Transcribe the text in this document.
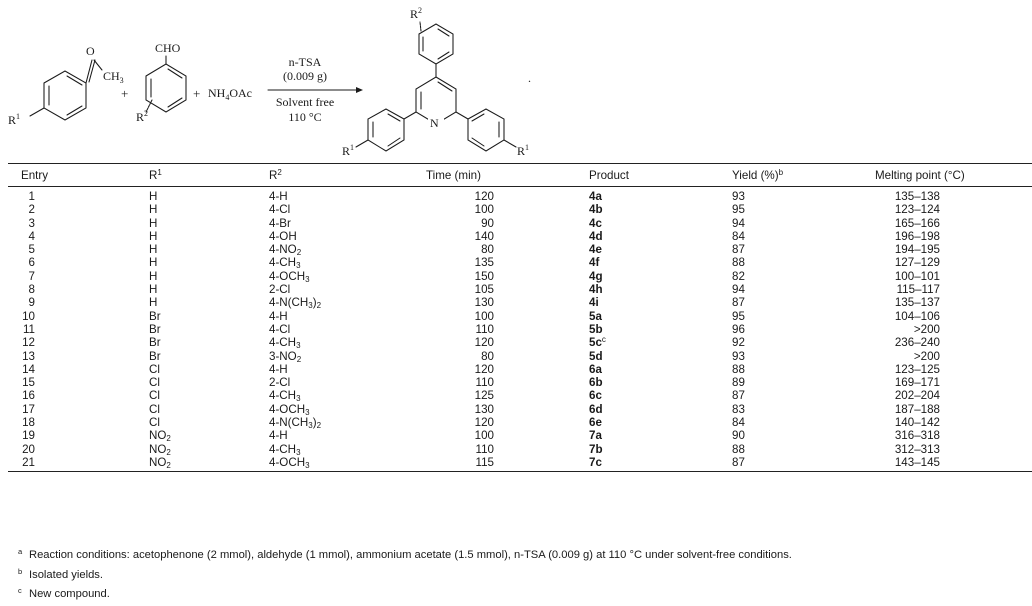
O
$CH_3$
$R^1$
+
CHO
$R^2$
+ $NH_4OAc$
n-TSA
(0.009 g)
Solvent free
110 °C
$R^2$
N
$R^1$	$R^1$
.
Entry	$R^1$	$R^2$	Time (min)	Product	Yield (%)$^b$	Melting point (°C)
1	H	4-H	120	4a	93	135–138
2	H	4-Cl	100	4b	95	123–124
3	H	4-Br	90	4c	94	165–166
4	H	4-OH	140	4d	84	196–198
5	H	$4-NO_2$	80	4e	87	194–195
6	H	$4-CH_3$	135	4f	88	127–129
7	H	$4-OCH_3$	150	4g	82	100–101
8	H	2-Cl	105	4h	94	115–117
9	H	$4-N(CH_3)_2$	130	4i	87	135–137
10	Br	4-H	100	5a	95	104–106
11	Br	4-Cl	110	5b	96	>200
12	Br	$4-CH_3$	120	$5c^c$	92	236–240
13	Br	$3-NO_2$	80	5d	93	>200
14	Cl	4-H	120	6a	88	123–125
15	Cl	2-Cl	110	6b	89	169–171
16	Cl	$4-CH_3$	125	6c	87	202–204
17	Cl	$4-OCH_3$	130	6d	83	187–188
18	Cl	$4-N(CH_3)_2$	120	6e	84	140–142
19	$NO_2$	4-H	100	7a	90	316–318
20	$NO_2$	$4-CH_3$	110	7b	88	312–313
21	$NO_2$	$4-OCH_3$	115	7c	87	143–145
a Reaction conditions: acetophenone (2 mmol), aldehyde (1 mmol), ammonium acetate (1.5 mmol), n-TSA (0.009 g) at 110 °C under solvent-free conditions.
b Isolated yields.
c New compound.
